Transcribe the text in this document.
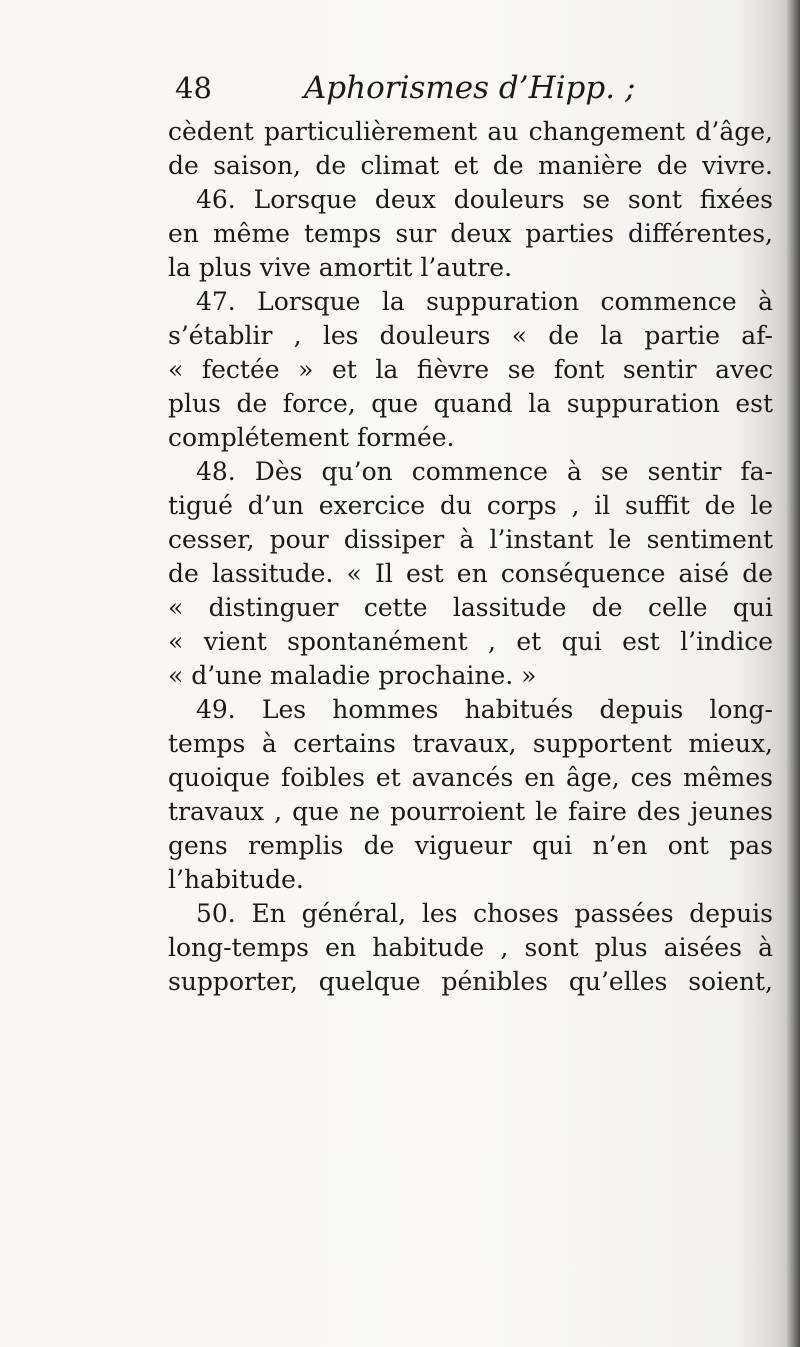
48	Aphorismes d’Hipp. ;
cèdent particulièrement au changement d’âge,
de saison, de climat et de manière de vivre.
46. Lorsque deux douleurs se sont fixées
en même temps sur deux parties différentes,
la plus vive amortit l’autre.
47. Lorsque la suppuration commence à
s’établir , les douleurs « de la partie af-
« fectée » et la fièvre se font sentir avec
plus de force, que quand la suppuration est
complétement formée.
48. Dès qu’on commence à se sentir fa-
tigué d’un exercice du corps , il suffit de le
cesser, pour dissiper à l’instant le sentiment
de lassitude. « Il est en conséquence aisé de
« distinguer cette lassitude de celle qui
« vient spontanément , et qui est l’indice
« d’une maladie prochaine. »
49. Les hommes habitués depuis long-
temps à certains travaux, supportent mieux,
quoique foibles et avancés en âge, ces mêmes
travaux , que ne pourroient le faire des jeunes
gens remplis de vigueur qui n’en ont pas
l’habitude.
50. En général, les choses passées depuis
long-temps en habitude , sont plus aisées à
supporter, quelque pénibles qu’elles soient,
